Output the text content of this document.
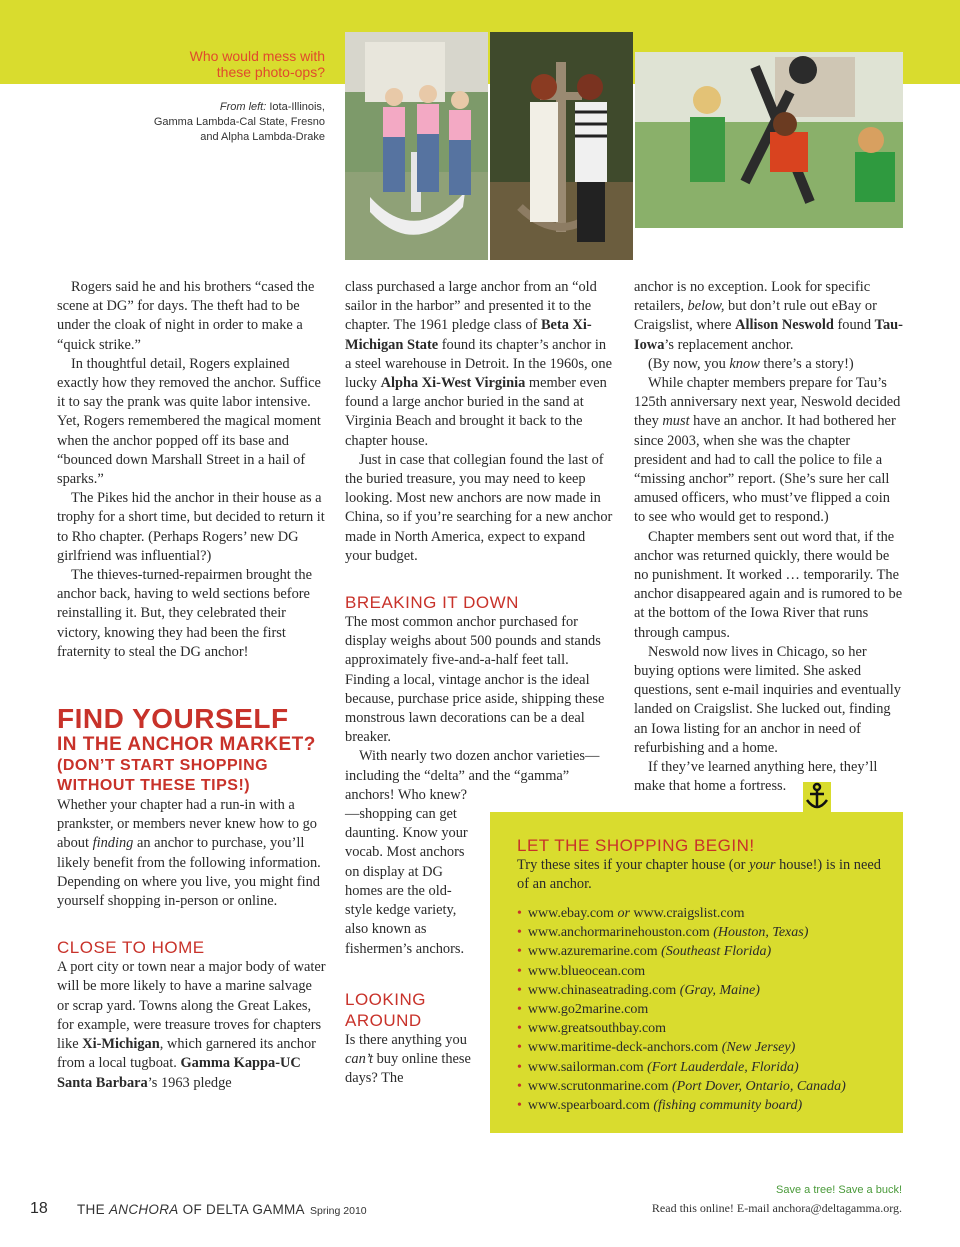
Who would mess with
these photo-ops?
From left: Iota-Illinois,
Gamma Lambda-Cal State, Fresno
and Alpha Lambda-Drake

Rogers said he and his brothers “cased the scene at DG” for days. The theft had to be under the cloak of night in order to make a “quick strike.”

In thoughtful detail, Rogers explained exactly how they removed the anchor. Suffice it to say the prank was quite labor intensive. Yet, Rogers remembered the magical moment when the anchor popped off its base and “bounced down Marshall Street in a hail of sparks.”

The Pikes hid the anchor in their house as a trophy for a short time, but decided to return it to Rho chapter. (Perhaps Rogers’ new DG girlfriend was influential?)

The thieves-turned-repairmen brought the anchor back, having to weld sections before reinstalling it. But, they celebrated their victory, knowing they had been the first fraternity to steal the DG anchor!

FIND YOURSELF
IN THE ANCHOR MARKET?
(DON’T START SHOPPING
WITHOUT THESE TIPS!)

Whether your chapter had a run-in with a prankster, or members never knew how to go about finding an anchor to purchase, you’ll likely benefit from the following information. Depending on where you live, you might find yourself shopping in-person or online.

CLOSE TO HOME

A port city or town near a major body of water will be more likely to have a marine salvage or scrap yard. Towns along the Great Lakes, for example, were treasure troves for chapters like Xi-Michigan, which garnered its anchor from a local tugboat. Gamma Kappa-UC Santa Barbara’s 1963 pledge

class purchased a large anchor from an “old sailor in the harbor” and presented it to the chapter. The 1961 pledge class of Beta Xi-Michigan State found its chapter’s anchor in a steel warehouse in Detroit. In the 1960s, one lucky Alpha Xi-West Virginia member even found a large anchor buried in the sand at Virginia Beach and brought it back to the chapter house.

Just in case that collegian found the last of the buried treasure, you may need to keep looking. Most new anchors are now made in China, so if you’re searching for a new anchor made in North America, expect to expand your budget.

BREAKING IT DOWN

The most common anchor purchased for display weighs about 500 pounds and stands approximately five-and-a-half feet tall. Finding a local, vintage anchor is the ideal because, purchase price aside, shipping these monstrous lawn decorations can be a deal breaker.

With nearly two dozen anchor varieties—including the “delta” and the “gamma”

anchors! Who knew?—shopping can get daunting. Know your vocab. Most anchors on display at DG homes are the old-style kedge variety, also known as fishermen’s anchors.

LOOKING
AROUND

Is there anything you can’t buy online these days? The

anchor is no exception. Look for specific retailers, below, but don’t rule out eBay or Craigslist, where Allison Neswold found Tau-Iowa’s replacement anchor.

(By now, you know there’s a story!)

While chapter members prepare for Tau’s 125th anniversary next year, Neswold decided they must have an anchor. It had bothered her since 2003, when she was the chapter president and had to call the police to file a “missing anchor” report. (She’s sure her call amused officers, who must’ve flipped a coin to see who would get to respond.)

Chapter members sent out word that, if the anchor was returned quickly, there would be no punishment. It worked … temporarily. The anchor disappeared again and is rumored to be at the bottom of the Iowa River that runs through campus.

Neswold now lives in Chicago, so her buying options were limited. She asked questions, sent e-mail inquiries and eventually landed on Craigslist. She lucked out, finding an Iowa listing for an anchor in need of refurbishing and a home.

If they’ve learned anything here, they’ll make that home a fortress.

LET THE SHOPPING BEGIN!
Try these sites if your chapter house (or your house!) is in need of an anchor.
• www.ebay.com or www.craigslist.com
• www.anchormarinehouston.com (Houston, Texas)
• www.azuremarine.com (Southeast Florida)
• www.blueocean.com
• www.chinaseatrading.com (Gray, Maine)
• www.go2marine.com
• www.greatsouthbay.com
• www.maritime-deck-anchors.com (New Jersey)
• www.sailorman.com (Fort Lauderdale, Florida)
• www.scrutonmarine.com (Port Dover, Ontario, Canada)
• www.spearboard.com (fishing community board)
18 THE ANCHORA OF DELTA GAMMA Spring 2010
Save a tree! Save a buck!
Read this online! E-mail anchora@deltagamma.org.
